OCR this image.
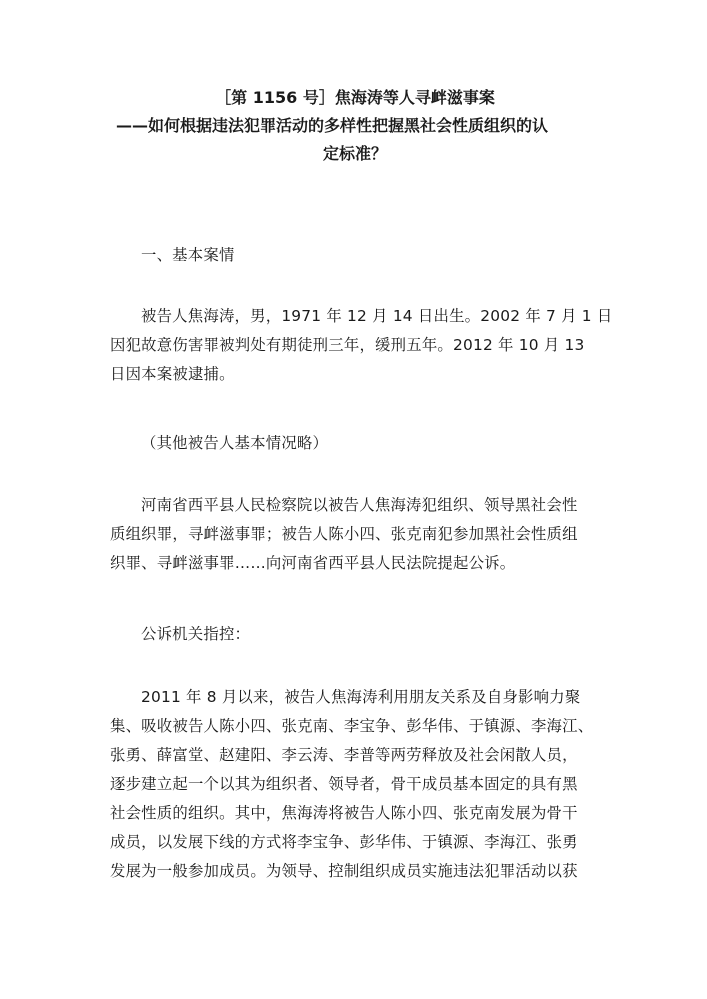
［第 1156 号］焦海涛等人寻衅滋事案
——如何根据违法犯罪活动的多样性把握黑社会性质组织的认
定标准？
一、基本案情
被告人焦海涛，男，1971 年 12 月 14 日出生。2002 年 7 月 1 日
因犯故意伤害罪被判处有期徒刑三年，缓刑五年。2012 年 10 月 13
日因本案被逮捕。
（其他被告人基本情况略）
河南省西平县人民检察院以被告人焦海涛犯组织、领导黑社会性
质组织罪，寻衅滋事罪；被告人陈小四、张克南犯参加黑社会性质组
织罪、寻衅滋事罪……向河南省西平县人民法院提起公诉。
公诉机关指控：
2011 年 8 月以来，被告人焦海涛利用朋友关系及自身影响力聚
集、吸收被告人陈小四、张克南、李宝争、彭华伟、于镇源、李海江、
张勇、薛富堂、赵建阳、李云涛、李普等两劳释放及社会闲散人员，
逐步建立起一个以其为组织者、领导者，骨干成员基本固定的具有黑
社会性质的组织。其中，焦海涛将被告人陈小四、张克南发展为骨干
成员，以发展下线的方式将李宝争、彭华伟、于镇源、李海江、张勇
发展为一般参加成员。为领导、控制组织成员实施违法犯罪活动以获
